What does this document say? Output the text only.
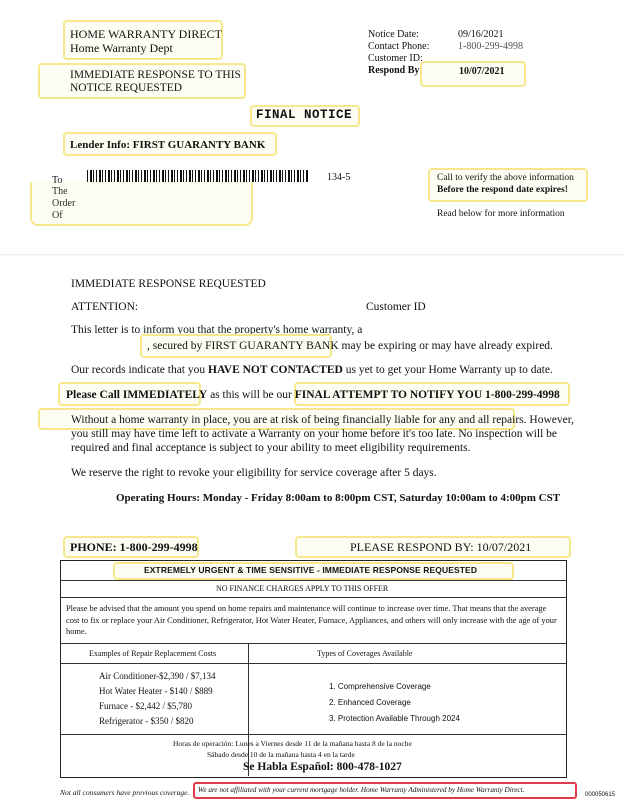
HOME WARRANTY DIRECT
Home Warranty Dept
Notice Date:	09/16/2021
Contact Phone:	1-800-299-4998
Customer ID:
Respond By:	10/07/2021
IMMEDIATE RESPONSE TO THIS NOTICE REQUESTED
FINAL NOTICE
Lender Info: FIRST GUARANTY BANK
To
The
Order
Of
134-5	Call to verify the above information
Before the respond date expires!
Read below for more information
IMMEDIATE RESPONSE REQUESTED
ATTENTION:	Customer ID
This letter is to inform you that the property's home warranty, a
, secured by FIRST GUARANTY BANK may be expiring or may have already expired.
Our records indicate that you HAVE NOT CONTACTED us yet to get your Home Warranty up to date.
Please Call IMMEDIATELY as this will be our FINAL ATTEMPT TO NOTIFY YOU 1-800-299-4998
Without a home warranty in place, you are at risk of being financially liable for any and all repairs. However,
you still may have time left to activate a Warranty on your home before it's too late. No inspection will be
required and final acceptance is subject to your ability to meet eligibility requirements.
We reserve the right to revoke your eligibility for service coverage after 5 days.
Operating Hours: Monday - Friday 8:00am to 8:00pm CST, Saturday 10:00am to 4:00pm CST
PHONE: 1-800-299-4998	PLEASE RESPOND BY: 10/07/2021
EXTREMELY URGENT & TIME SENSITIVE - IMMEDIATE RESPONSE REQUESTED
NO FINANCE CHARGES APPLY TO THIS OFFER
Please be advised that the amount you spend on home repairs and maintenance will continue to increase over time. That means that the average cost to fix or replace your Air Conditioner, Refrigerator, Hot Water Heater, Furnace, Appliances, and others will only increase with the age of your home.
Examples of Repair Replacement Costs	Types of Coverages Available
Air Conditioner-$2,390 / $7,134
Hot Water Heater - $140 / $889
Furnace - $2,442 / $5,780
Refrigerator - $350 / $820
1. Comprehensive Coverage
2. Enhanced Coverage
3. Protection Available Through 2024
Horas de operación: Lunes a Viernes desde 11 de la mañana hasta 8 de la noche
Sábado desde 10 de la mañana hasta 4 en la tarde
Se Habla Español: 800-478-1027
Not all consumers have previous coverage. We are not affiliated with your current mortgage holder. Home Warranty Administered by Home Warranty Direct.
000050615
